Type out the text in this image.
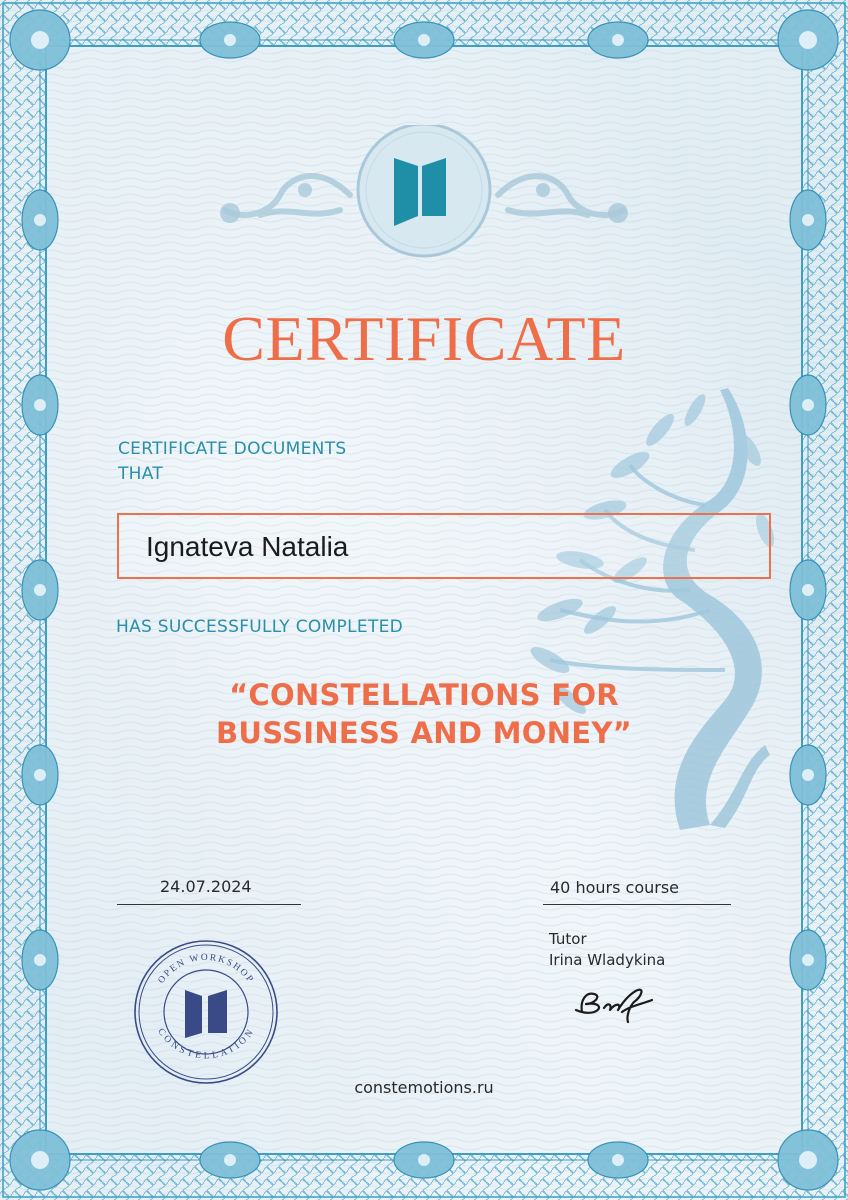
CERTIFICATE
CERTIFICATE DOCUMENTS
THAT
Ignateva Natalia
HAS SUCCESSFULLY COMPLETED
“CONSTELLATIONS FOR
BUSSINESS AND MONEY”
24.07.2024	40 hours course
Tutor
Irina Wladykina
OPEN WORKSHOP
CONSTELLATION
constemotions.ru
